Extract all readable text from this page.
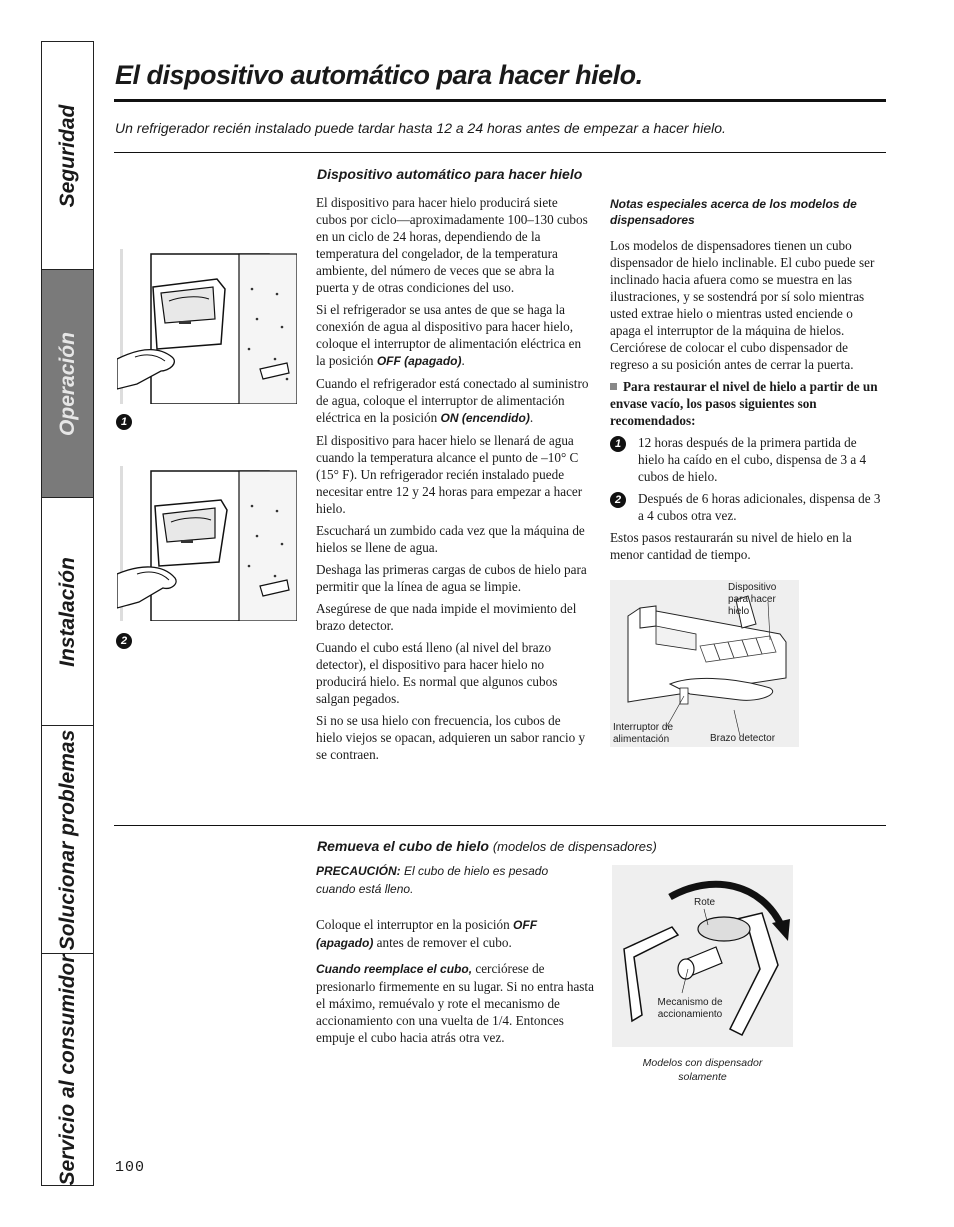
Seguridad
Operación
Instalación
Solucionar problemas
Servicio al consumidor
El dispositivo automático para hacer hielo.
Un refrigerador recién instalado puede tardar hasta 12 a 24 horas antes de empezar a hacer hielo.
Dispositivo automático para hacer hielo
1
2

El dispositivo para hacer hielo producirá siete cubos por ciclo—aproximadamente 100–130 cubos en un ciclo de 24 horas, dependiendo de la temperatura del congelador, de la temperatura ambiente, del número de veces que se abra la puerta y de otras condiciones del uso.

Si el refrigerador se usa antes de que se haga la conexión de agua al dispositivo para hacer hielo, coloque el interruptor de alimentación eléctrica en la posición OFF (apagado).

Cuando el refrigerador está conectado al suministro de agua, coloque el interruptor de alimentación eléctrica en la posición ON (encendido).

El dispositivo para hacer hielo se llenará de agua cuando la temperatura alcance el punto de –10° C (15° F). Un refrigerador recién instalado puede necesitar entre 12 y 24 horas para empezar a hacer hielo.

Escuchará un zumbido cada vez que la máquina de hielos se llene de agua.

Deshaga las primeras cargas de cubos de hielo para permitir que la línea de agua se limpie.

Asegúrese de que nada impide el movimiento del brazo detector.

Cuando el cubo está lleno (al nivel del brazo detector), el dispositivo para hacer hielo no producirá hielo. Es normal que algunos cubos salgan pegados.

Si no se usa hielo con frecuencia, los cubos de hielo viejos se opacan, adquieren un sabor rancio y se contraen.

Notas especiales acerca de los modelos de dispensadores

Los modelos de dispensadores tienen un cubo dispensador de hielo inclinable. El cubo puede ser inclinado hacia afuera como se muestra en las ilustraciones, y se sostendrá por sí solo mientras usted extrae hielo o mientras usted enciende o apaga el interruptor de la máquina de hielos. Cerciórese de colocar el cubo dispensador de regreso a su posición antes de cerrar la puerta.

Para restaurar el nivel de hielo a partir de un envase vacío, los pasos siguientes son recomendados:

1	12 horas después de la primera partida de hielo ha caído en el cubo, dispensa de 3 a 4 cubos de hielo.
2	Después de 6 horas adicionales, dispensa de 3 a 4 cubos otra vez.

Estos pasos restaurarán su nivel de hielo en la menor cantidad de tiempo.

Dispositivo para hacer hielo
Interruptor de alimentación	Brazo detector
Remueva el cubo de hielo (modelos de dispensadores)

PRECAUCIÓN: El cubo de hielo es pesado cuando está lleno.

Coloque el interruptor en la posición OFF (apagado) antes de remover el cubo.

Cuando reemplace el cubo, cerciórese de presionarlo firmemente en su lugar. Si no entra hasta el máximo, remuévalo y rote el mecanismo de accionamiento con una vuelta de 1/4. Entonces empuje el cubo hacia atrás otra vez.

Rote
Mecanismo de accionamiento
Modelos con dispensador solamente
100
